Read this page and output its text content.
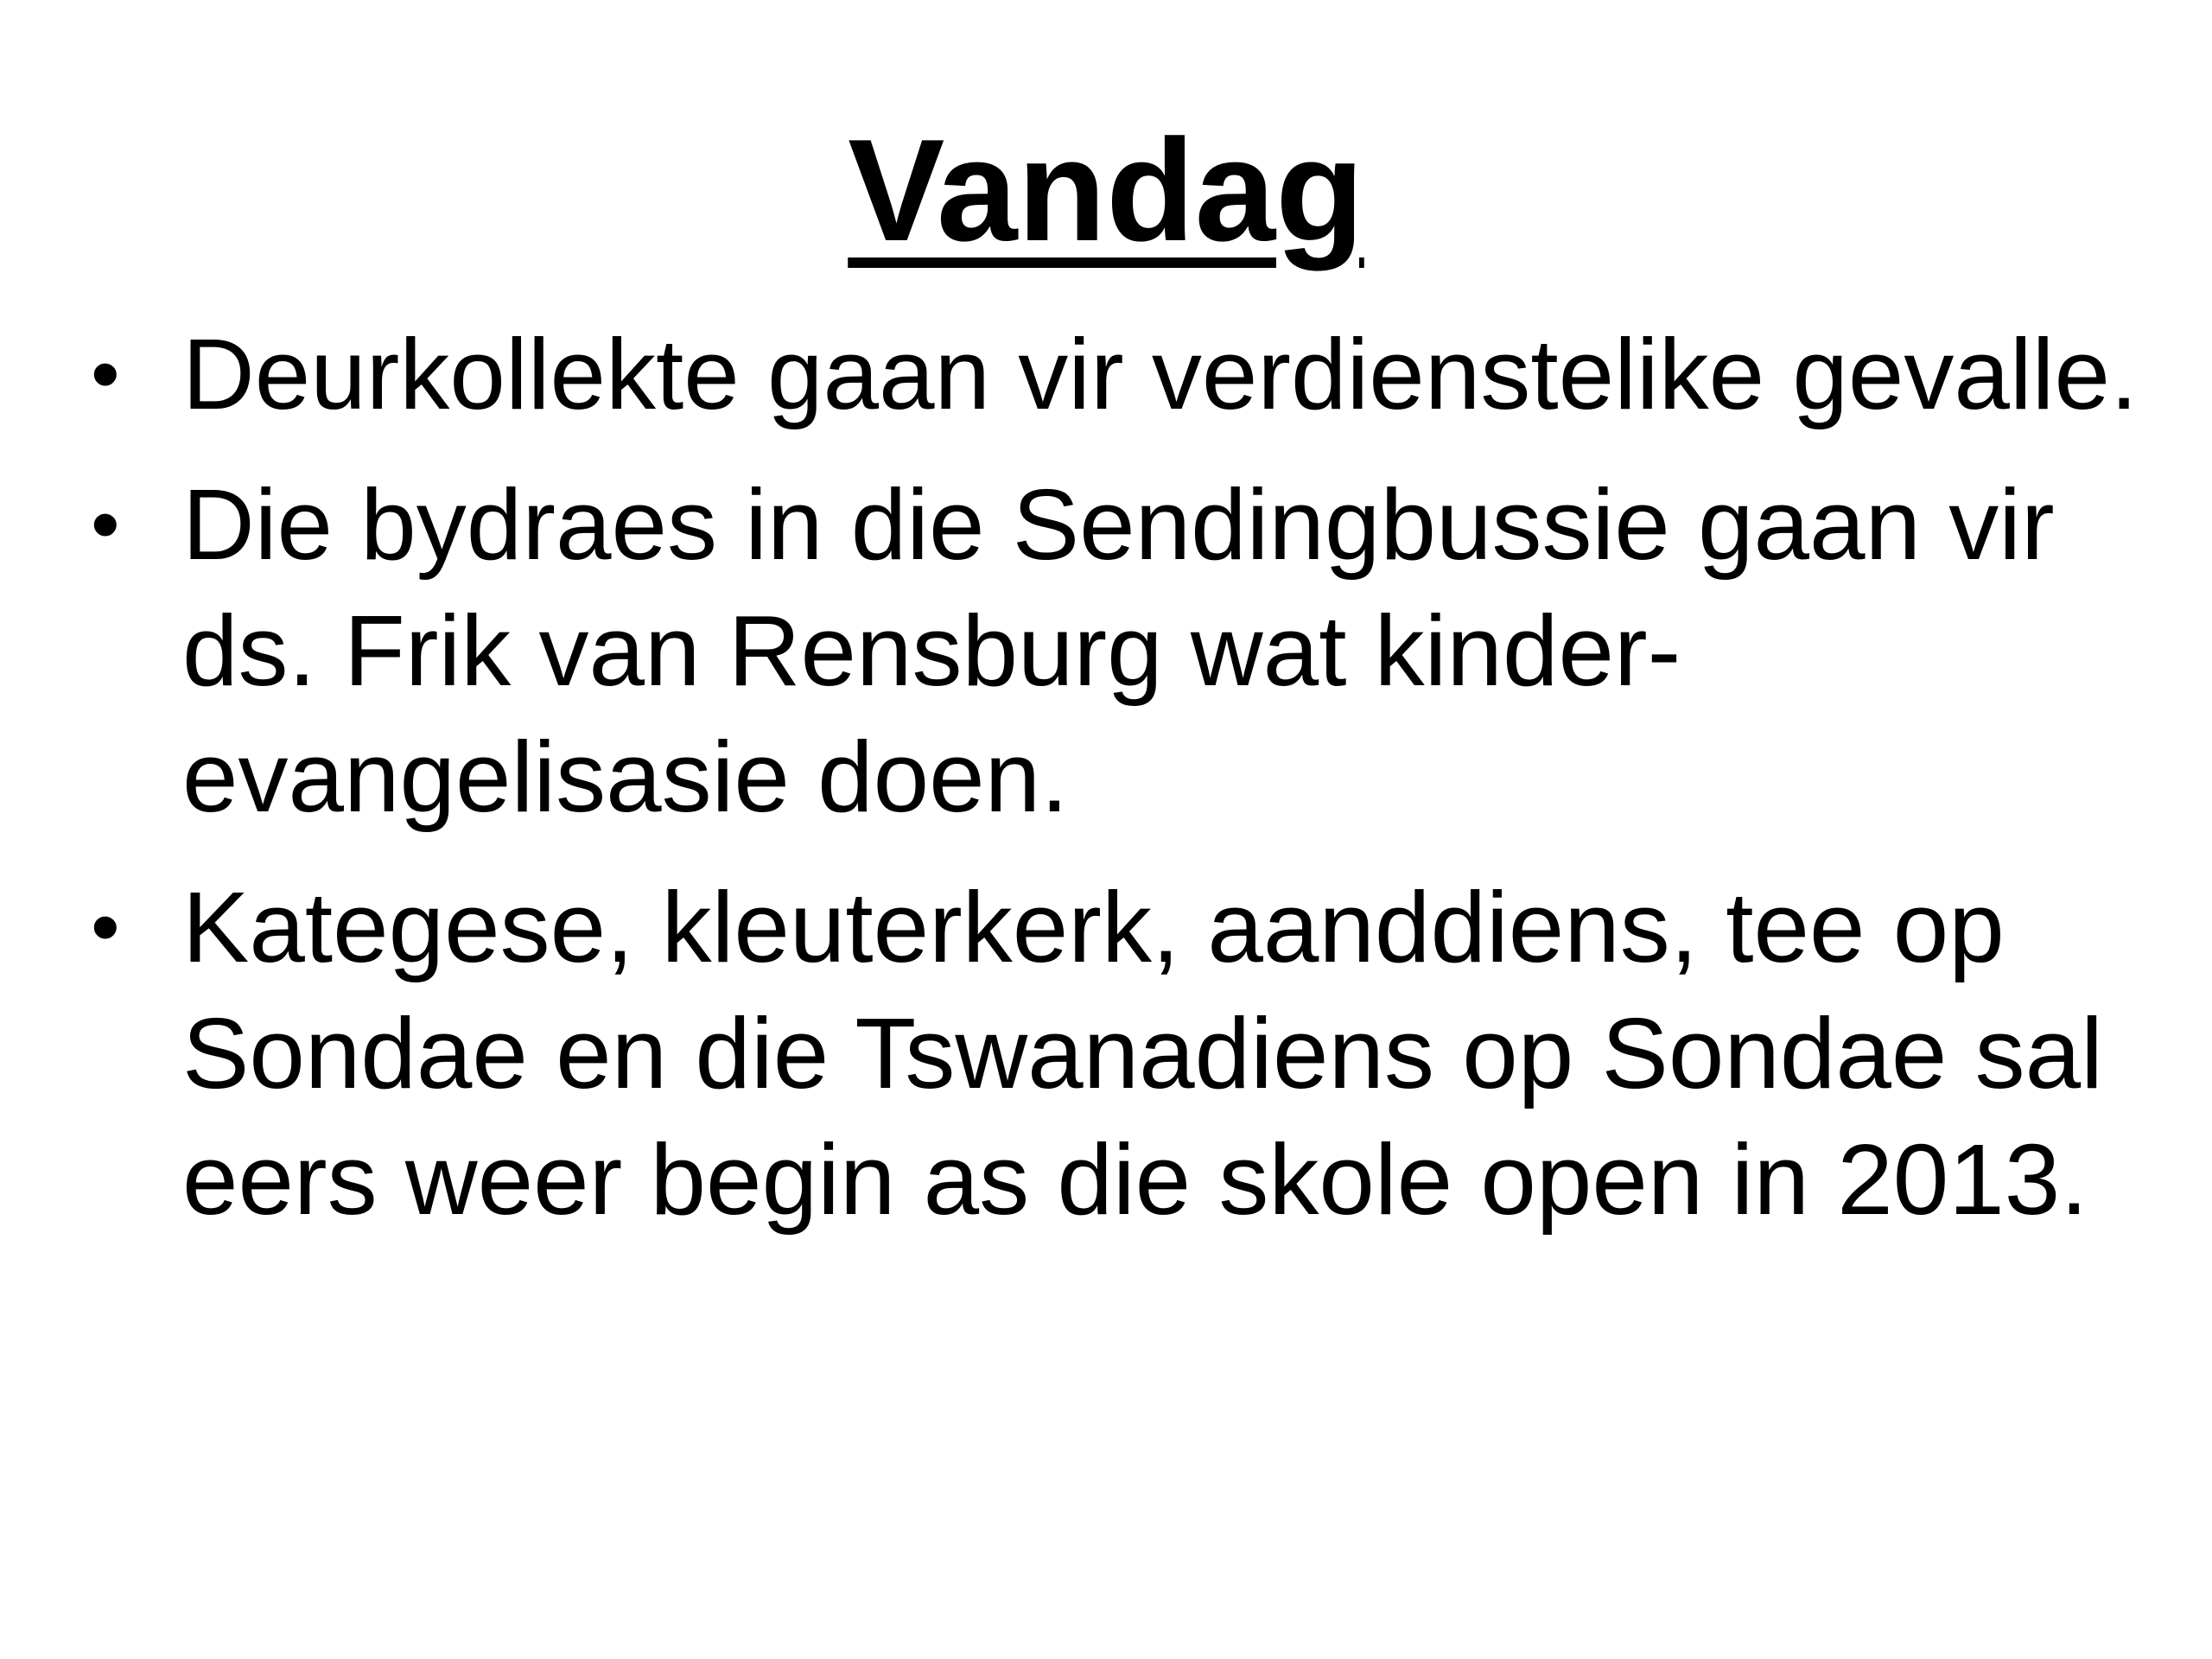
Vandag
• Deurkollekte gaan vir verdienstelike gevalle.
• Die bydraes in die Sendingbussie gaan vir ds. Frik van Rensburg wat kinder-evangelisasie doen.
• Kategese, kleuterkerk, aanddiens, tee op Sondae en die Tswanadiens op Sondae sal eers weer begin as die skole open in 2013.
